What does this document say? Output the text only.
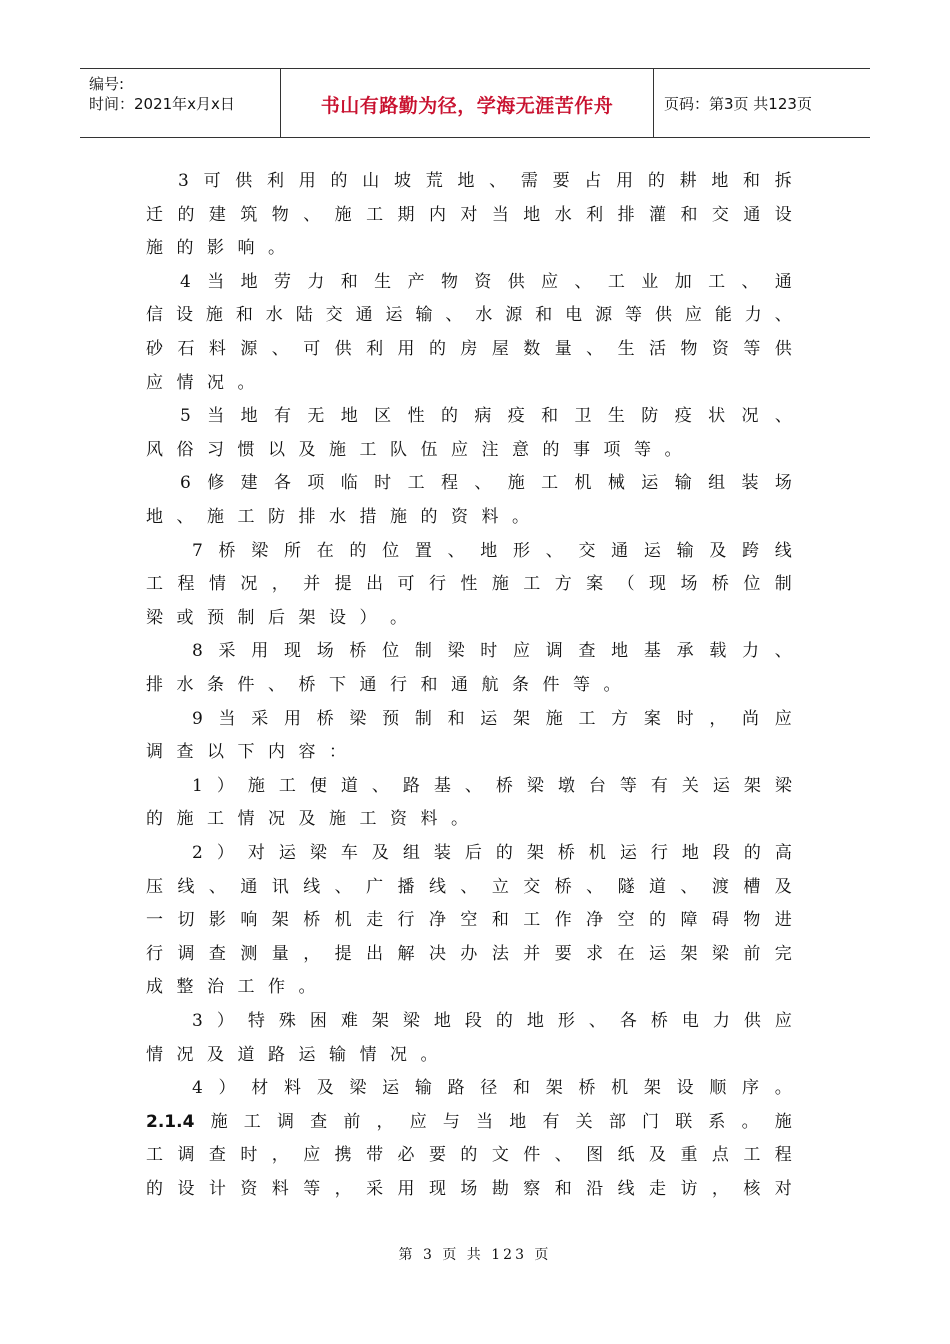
编号:
时间：2021年x月x日	书山有路勤为径，学海无涯苦作舟	页码：第3页 共123页
3 可 供 利 用 的 山 坡 荒 地 、 需 要 占 用 的 耕 地 和 拆
迁 的 建 筑 物 、 施 工 期 内 对 当 地 水 利 排 灌 和 交 通 设
施 的 影 响 。
4 当 地 劳 力 和 生 产 物 资 供 应 、 工 业 加 工 、 通
信 设 施 和 水 陆 交 通 运 输 、 水 源 和 电 源 等 供 应 能 力 、
砂 石 料 源 、 可 供 利 用 的 房 屋 数 量 、 生 活 物 资 等 供
应 情 况 。
5 当 地 有 无 地 区 性 的 病 疫 和 卫 生 防 疫 状 况 、
风 俗 习 惯 以 及 施 工 队 伍 应 注 意 的 事 项 等 。
6 修 建 各 项 临 时 工 程 、 施 工 机 械 运 输 组 装 场
地 、 施 工 防 排 水 措 施 的 资 料 。
7 桥 梁 所 在 的 位 置 、 地 形 、 交 通 运 输 及 跨 线
工 程 情 况 ， 并 提 出 可 行 性 施 工 方 案 （ 现 场 桥 位 制
梁 或 预 制 后 架 设 ） 。
8 采 用 现 场 桥 位 制 梁 时 应 调 查 地 基 承 载 力 、
排 水 条 件 、 桥 下 通 行 和 通 航 条 件 等 。
9 当 采 用 桥 梁 预 制 和 运 架 施 工 方 案 时 ， 尚 应
调 查 以 下 内 容 ：
1 ） 施 工 便 道 、 路 基 、 桥 梁 墩 台 等 有 关 运 架 梁
的 施 工 情 况 及 施 工 资 料 。
2 ） 对 运 梁 车 及 组 装 后 的 架 桥 机 运 行 地 段 的 高
压 线 、 通 讯 线 、 广 播 线 、 立 交 桥 、 隧 道 、 渡 槽 及
一 切 影 响 架 桥 机 走 行 净 空 和 工 作 净 空 的 障 碍 物 进
行 调 查 测 量 ， 提 出 解 决 办 法 并 要 求 在 运 架 梁 前 完
成 整 治 工 作 。
3 ） 特 殊 困 难 架 梁 地 段 的 地 形 、 各 桥 电 力 供 应
情 况 及 道 路 运 输 情 况 。
4 ） 材 料 及 梁 运 输 路 径 和 架 桥 机 架 设 顺 序 。
2.1.4 施 工 调 查 前 ， 应 与 当 地 有 关 部 门 联 系 。 施
工 调 查 时 ， 应 携 带 必 要 的 文 件 、 图 纸 及 重 点 工 程
的 设 计 资 料 等 ， 采 用 现 场 勘 察 和 沿 线 走 访 ， 核 对
第 3 页 共 123 页
